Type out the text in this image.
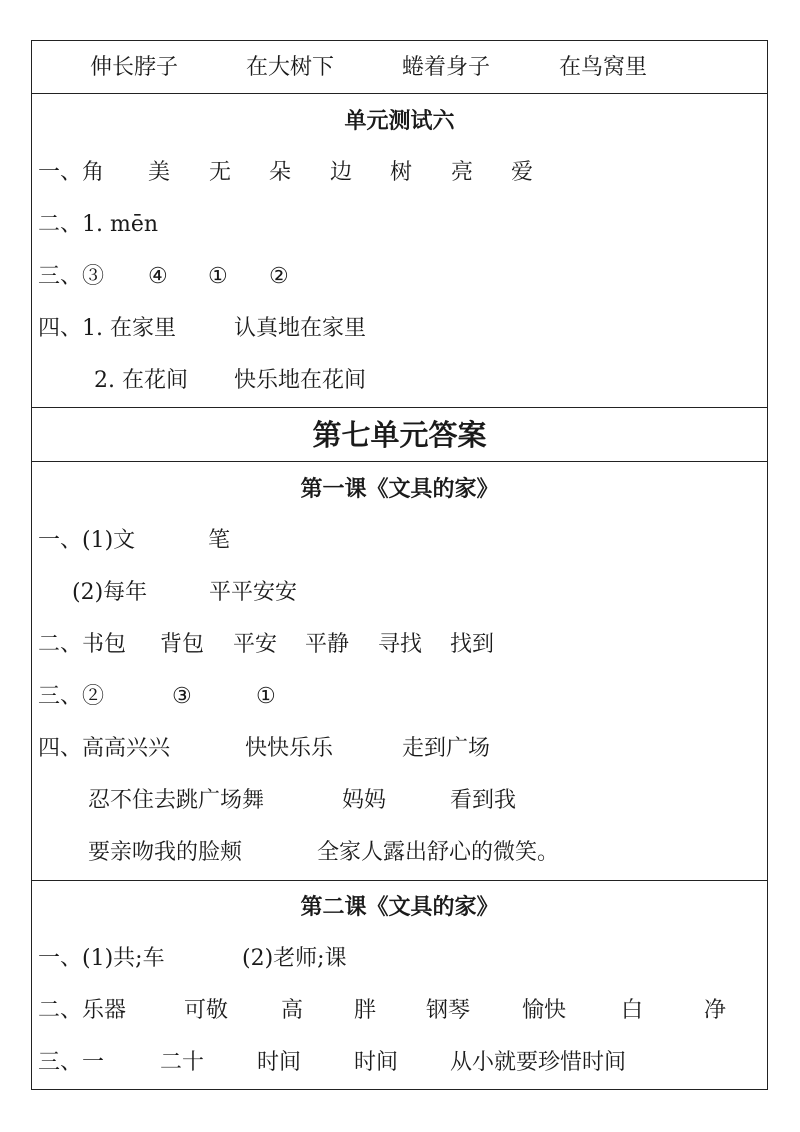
伸长脖子	在大树下	蜷着身子	在鸟窝里
单元测试六
一、角 美 无 朵 边 树 亮 爱
二、1. mēn
三、③ ④ ① ②
四、1. 在家里	认真地在家里
2. 在花间 快乐地在花间
第七单元答案
第一课《文具的家》
一、(1)文	笔
(2)每年	平平安安
二、书包 背包 平安 平静 寻找 找到
三、②	③	①
四、高高兴兴	快快乐乐	走到广场
忍不住去跳广场舞	妈妈	看到我
要亲吻我的脸颊	全家人露出舒心的微笑。
第二课《文具的家》
一、(1)共;车	(2)老师;课
二、乐器	可敬 高 胖 钢琴 愉快 白	净
三、一	二十 时间 时间 从小就要珍惜时间
